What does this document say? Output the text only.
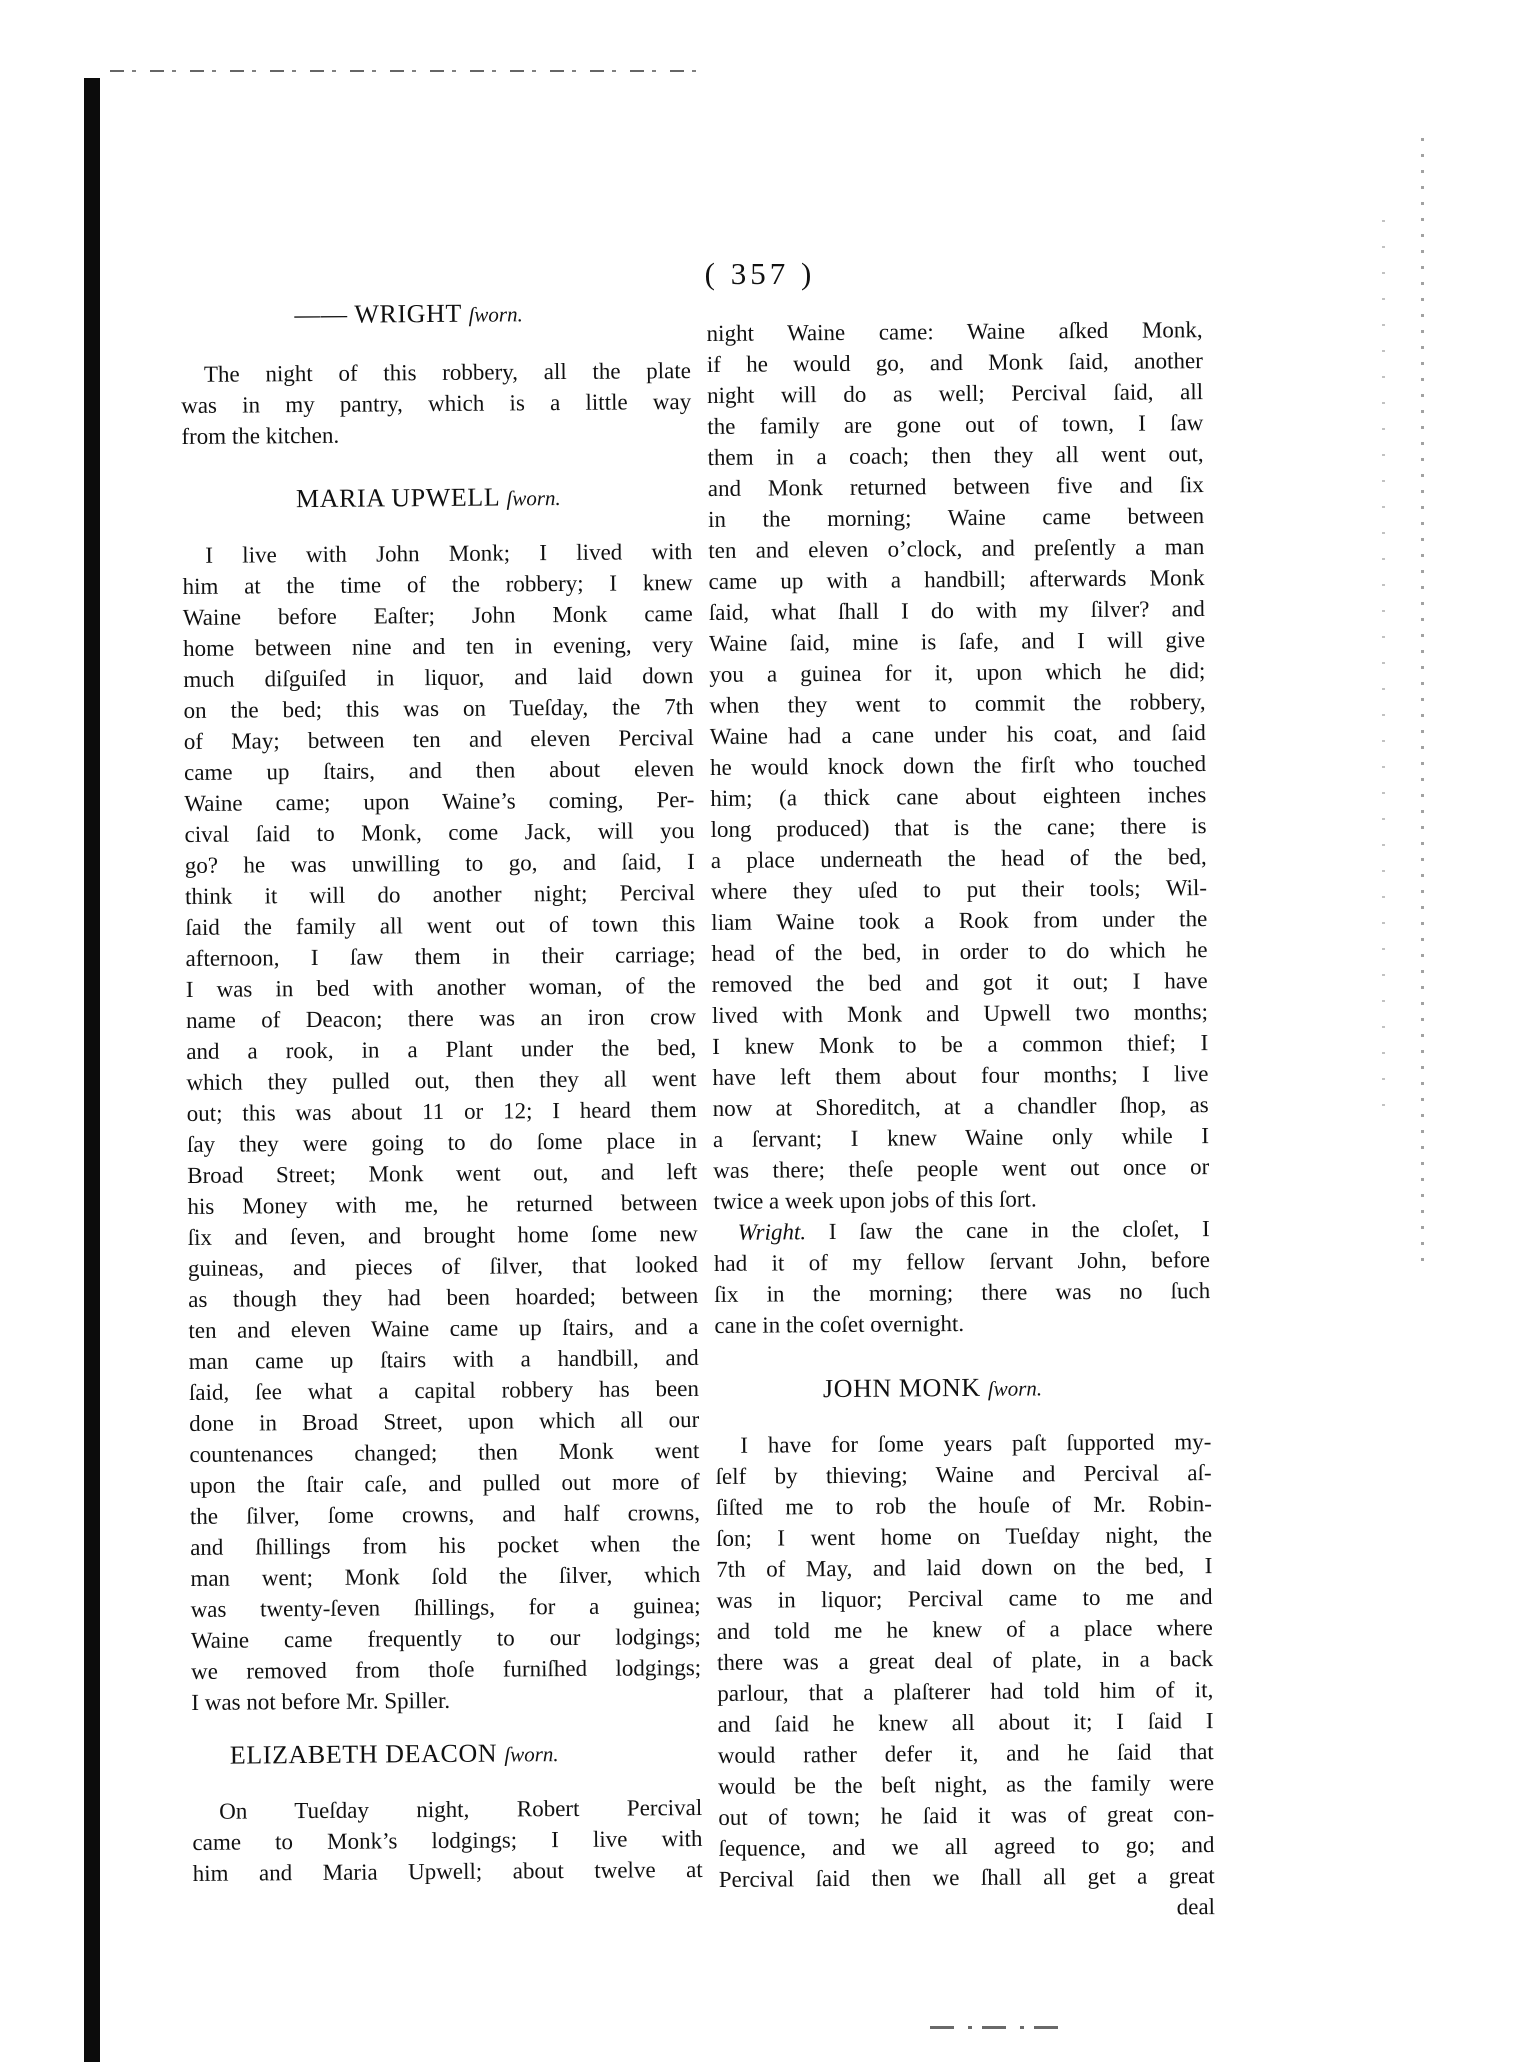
( 357 )
—— WRIGHT ſworn.
The night of this robbery, all the plate
was in my pantry, which is a little way
from the kitchen.
MARIA UPWELL ſworn.
I live with John Monk; I lived with
him at the time of the robbery; I knew
Waine before Eaſter; John Monk came
home between nine and ten in evening, very
much diſguiſed in liquor, and laid down
on the bed; this was on Tueſday, the 7th
of May; between ten and eleven Percival
came up ſtairs, and then about eleven
Waine came; upon Waine’s coming, Per-
cival ſaid to Monk, come Jack, will you
go? he was unwilling to go, and ſaid, I
think it will do another night; Percival
ſaid the family all went out of town this
afternoon, I ſaw them in their carriage;
I was in bed with another woman, of the
name of Deacon; there was an iron crow
and a rook, in a Plant under the bed,
which they pulled out, then they all went
out; this was about 11 or 12; I heard them
ſay they were going to do ſome place in
Broad Street; Monk went out, and left
his Money with me, he returned between
ſix and ſeven, and brought home ſome new
guineas, and pieces of ſilver, that looked
as though they had been hoarded; between
ten and eleven Waine came up ſtairs, and a
man came up ſtairs with a handbill, and
ſaid, ſee what a capital robbery has been
done in Broad Street, upon which all our
countenances changed; then Monk went
upon the ſtair caſe, and pulled out more of
the ſilver, ſome crowns, and half crowns,
and ſhillings from his pocket when the
man went; Monk ſold the ſilver, which
was twenty-ſeven ſhillings, for a guinea;
Waine came frequently to our lodgings;
we removed from thoſe furniſhed lodgings;
I was not before Mr. Spiller.
ELIZABETH DEACON ſworn.
On Tueſday night, Robert Percival
came to Monk’s lodgings; I live with
him and Maria Upwell; about twelve at
night Waine came: Waine aſked Monk,
if he would go, and Monk ſaid, another
night will do as well; Percival ſaid, all
the family are gone out of town, I ſaw
them in a coach; then they all went out,
and Monk returned between five and ſix
in the morning; Waine came between
ten and eleven o’clock, and preſently a man
came up with a handbill; afterwards Monk
ſaid, what ſhall I do with my ſilver? and
Waine ſaid, mine is ſafe, and I will give
you a guinea for it, upon which he did;
when they went to commit the robbery,
Waine had a cane under his coat, and ſaid
he would knock down the firſt who touched
him; (a thick cane about eighteen inches
long produced) that is the cane; there is
a place underneath the head of the bed,
where they uſed to put their tools; Wil-
liam Waine took a Rook from under the
head of the bed, in order to do which he
removed the bed and got it out; I have
lived with Monk and Upwell two months;
I knew Monk to be a common thief; I
have left them about four months; I live
now at Shoreditch, at a chandler ſhop, as
a ſervant; I knew Waine only while I
was there; theſe people went out once or
twice a week upon jobs of this ſort.
Wright. I ſaw the cane in the cloſet, I
had it of my fellow ſervant John, before
ſix in the morning; there was no ſuch
cane in the coſet overnight.
JOHN MONK ſworn.
I have for ſome years paſt ſupported my-
ſelf by thieving; Waine and Percival aſ-
ſiſted me to rob the houſe of Mr. Robin-
ſon; I went home on Tueſday night, the
7th of May, and laid down on the bed, I
was in liquor; Percival came to me and
and told me he knew of a place where
there was a great deal of plate, in a back
parlour, that a plaſterer had told him of it,
and ſaid he knew all about it; I ſaid I
would rather defer it, and he ſaid that
would be the beſt night, as the family were
out of town; he ſaid it was of great con-
ſequence, and we all agreed to go; and
Percival ſaid then we ſhall all get a great
deal
